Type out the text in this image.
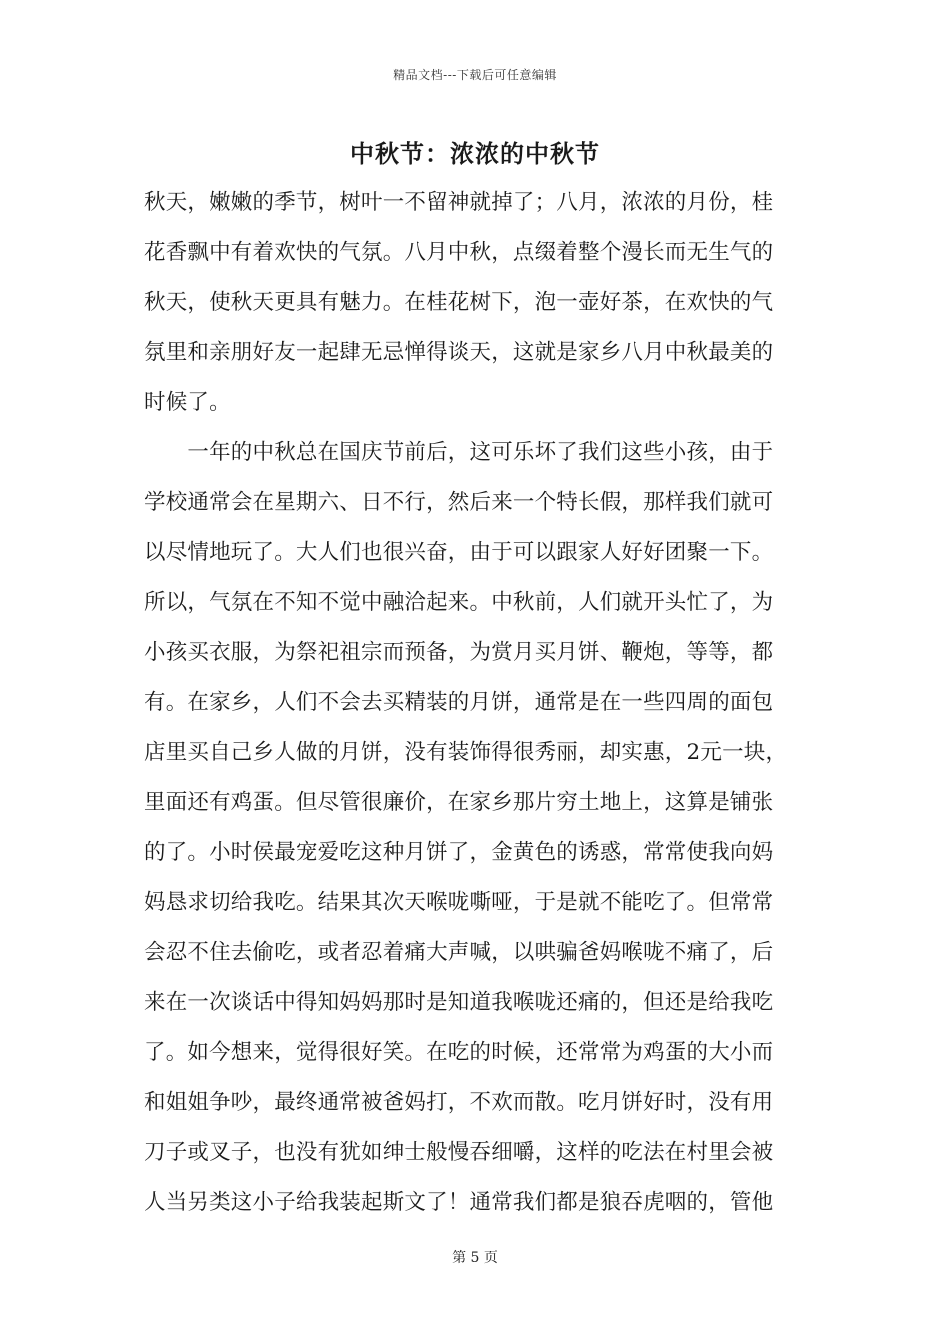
精品文档---下载后可任意编辑
中秋节：浓浓的中秋节
秋天，嫩嫩的季节，树叶一不留神就掉了；八月，浓浓的月份，桂
花香飘中有着欢快的气氛。八月中秋，点缀着整个漫长而无生气的
秋天，使秋天更具有魅力。在桂花树下，泡一壶好茶，在欢快的气
氛里和亲朋好友一起肆无忌惮得谈天，这就是家乡八月中秋最美的
时候了。
　　一年的中秋总在国庆节前后，这可乐坏了我们这些小孩，由于
学校通常会在星期六、日不行，然后来一个特长假，那样我们就可
以尽情地玩了。大人们也很兴奋，由于可以跟家人好好团聚一下。
所以，气氛在不知不觉中融洽起来。中秋前，人们就开头忙了，为
小孩买衣服，为祭祀祖宗而预备，为赏月买月饼、鞭炮，等等，都
有。在家乡，人们不会去买精装的月饼，通常是在一些四周的面包
店里买自己乡人做的月饼，没有装饰得很秀丽，却实惠，2元一块，
里面还有鸡蛋。但尽管很廉价，在家乡那片穷土地上，这算是铺张
的了。小时侯最宠爱吃这种月饼了，金黄色的诱惑，常常使我向妈
妈恳求切给我吃。结果其次天喉咙嘶哑，于是就不能吃了。但常常
会忍不住去偷吃，或者忍着痛大声喊，以哄骗爸妈喉咙不痛了，后
来在一次谈话中得知妈妈那时是知道我喉咙还痛的，但还是给我吃
了。如今想来，觉得很好笑。在吃的时候，还常常为鸡蛋的大小而
和姐姐争吵，最终通常被爸妈打，不欢而散。吃月饼好时，没有用
刀子或叉子，也没有犹如绅士般慢吞细嚼，这样的吃法在村里会被
人当另类这小子给我装起斯文了！通常我们都是狼吞虎咽的，管他
第 5 页
